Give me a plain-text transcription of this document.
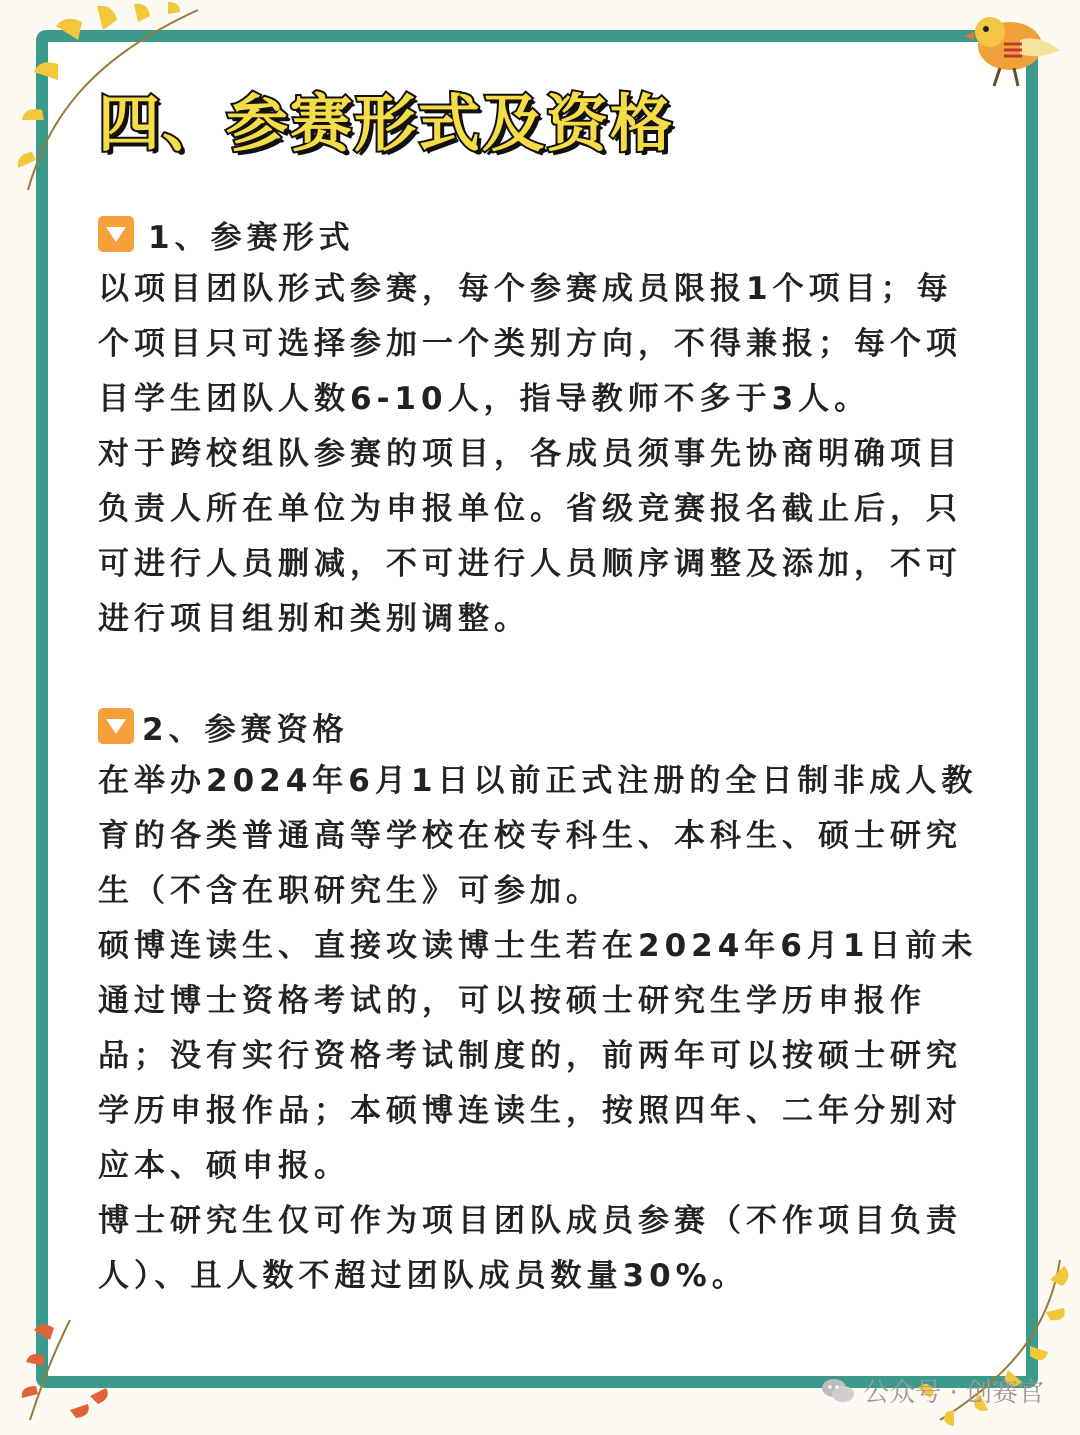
四、参赛形式及资格
1、参赛形式

以项目团队形式参赛，每个参赛成员限报1个项目；每个项目只可选择参加一个类别方向，不得兼报；每个项目学生团队人数6-10人，指导教师不多于3人。

对于跨校组队参赛的项目，各成员须事先协商明确项目负责人所在单位为申报单位。省级竞赛报名截止后，只可进行人员删减，不可进行人员顺序调整及添加，不可进行项目组别和类别调整。

2、参赛资格

在举办2024年6月1日以前正式注册的全日制非成人教育的各类普通高等学校在校专科生、本科生、硕士研究生（不含在职研究生》可参加。

硕博连读生、直接攻读博士生若在2024年6月1日前未通过博士资格考试的，可以按硕士研究生学历申报作品；没有实行资格考试制度的，前两年可以按硕士研究学历申报作品；本硕博连读生，按照四年、二年分别对应本、硕申报。

博士研究生仅可作为项目团队成员参赛（不作项目负责人）、且人数不超过团队成员数量30%。

公众号 · 创赛官
